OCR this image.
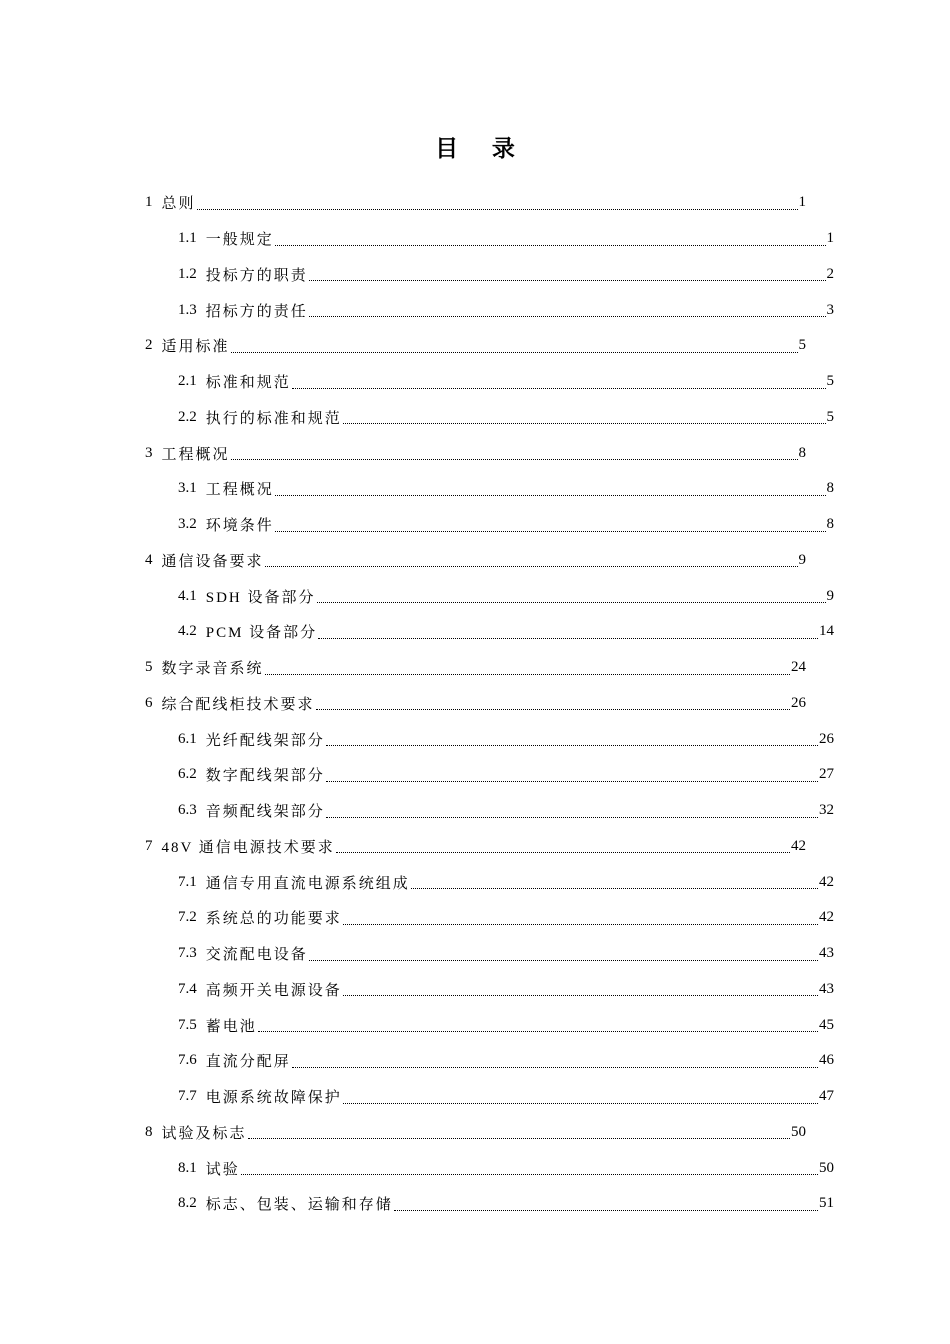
目 录
1 总则	1
1.1 一般规定	1
1.2 投标方的职责	2
1.3 招标方的责任	3
2 适用标准	5
2.1 标准和规范	5
2.2 执行的标准和规范	5
3 工程概况	8
3.1 工程概况	8
3.2 环境条件	8
4 通信设备要求	9
4.1 SDH 设备部分	9
4.2 PCM 设备部分	14
5 数字录音系统	24
6 综合配线柜技术要求	26
6.1 光纤配线架部分	26
6.2 数字配线架部分	27
6.3 音频配线架部分	32
7 48V 通信电源技术要求	42
7.1 通信专用直流电源系统组成	42
7.2 系统总的功能要求	42
7.3 交流配电设备	43
7.4 高频开关电源设备	43
7.5 蓄电池	45
7.6 直流分配屏	46
7.7 电源系统故障保护	47
8 试验及标志	50
8.1 试验	50
8.2 标志、包装、运输和存储	51
